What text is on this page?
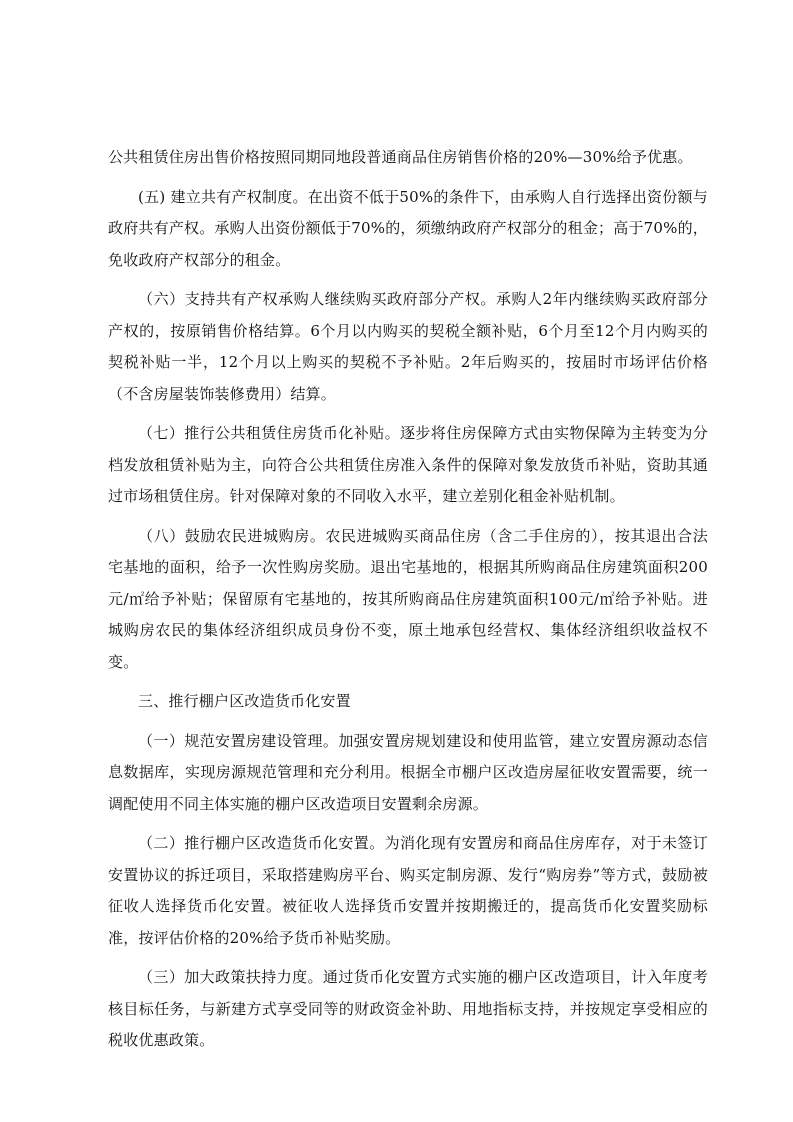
公共租赁住房出售价格按照同期同地段普通商品住房销售价格的20%—30%给予优惠。

(五) 建立共有产权制度。在出资不低于50%的条件下，由承购人自行选择出资份额与政府共有产权。承购人出资份额低于70%的，须缴纳政府产权部分的租金；高于70%的，免收政府产权部分的租金。

（六）支持共有产权承购人继续购买政府部分产权。承购人2年内继续购买政府部分产权的，按原销售价格结算。6个月以内购买的契税全额补贴，6个月至12个月内购买的契税补贴一半，12个月以上购买的契税不予补贴。2年后购买的，按届时市场评估价格（不含房屋装饰装修费用）结算。

（七）推行公共租赁住房货币化补贴。逐步将住房保障方式由实物保障为主转变为分档发放租赁补贴为主，向符合公共租赁住房准入条件的保障对象发放货币补贴，资助其通过市场租赁住房。针对保障对象的不同收入水平，建立差别化租金补贴机制。

（八）鼓励农民进城购房。农民进城购买商品住房（含二手住房的），按其退出合法宅基地的面积，给予一次性购房奖励。退出宅基地的，根据其所购商品住房建筑面积200元/㎡给予补贴；保留原有宅基地的，按其所购商品住房建筑面积100元/㎡给予补贴。进城购房农民的集体经济组织成员身份不变，原土地承包经营权、集体经济组织收益权不变。

三、推行棚户区改造货币化安置

（一）规范安置房建设管理。加强安置房规划建设和使用监管，建立安置房源动态信息数据库，实现房源规范管理和充分利用。根据全市棚户区改造房屋征收安置需要，统一调配使用不同主体实施的棚户区改造项目安置剩余房源。

（二）推行棚户区改造货币化安置。为消化现有安置房和商品住房库存，对于未签订安置协议的拆迁项目，采取搭建购房平台、购买定制房源、发行“购房券”等方式，鼓励被征收人选择货币化安置。被征收人选择货币安置并按期搬迁的，提高货币化安置奖励标准，按评估价格的20%给予货币补贴奖励。

（三）加大政策扶持力度。通过货币化安置方式实施的棚户区改造项目，计入年度考核目标任务，与新建方式享受同等的财政资金补助、用地指标支持，并按规定享受相应的税收优惠政策。
